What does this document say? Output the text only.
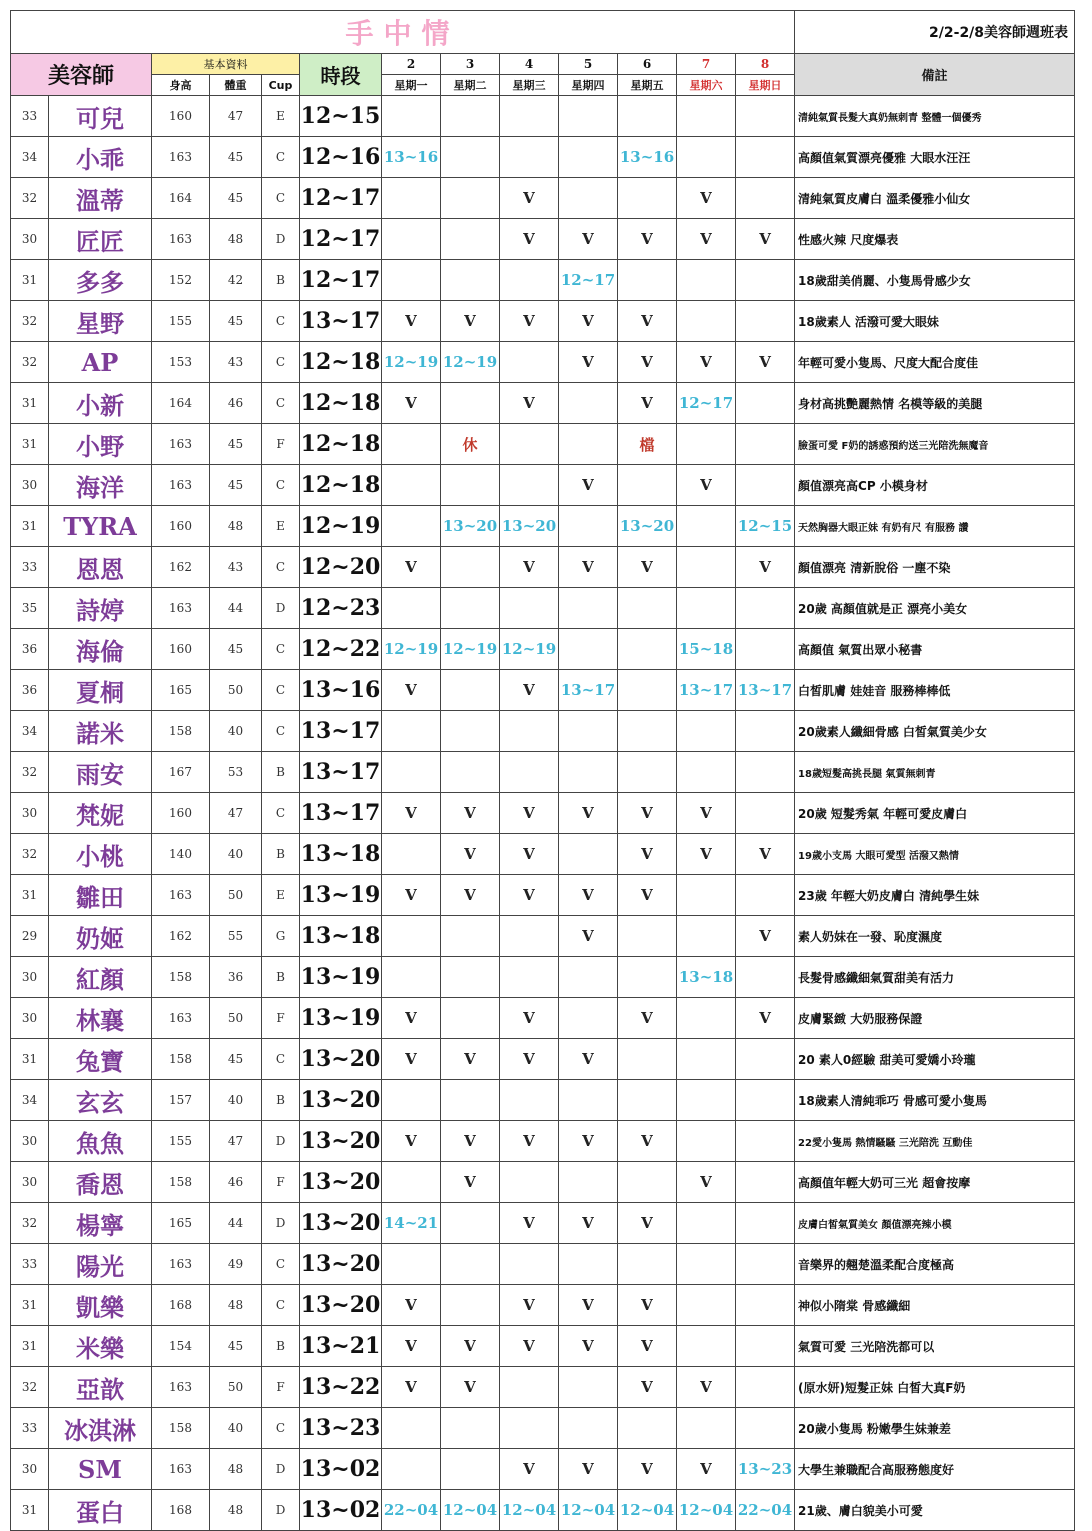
手中情													2/2-2/8美容師週班表
美容師		基本資料			時段	2	3	4	5	6	7	8	備註
		身高	體重	Cup		星期一	星期二	星期三	星期四	星期五	星期六	星期日	
33	可兒	160	47	E	12~15								清純氣質長髮大真奶無刺青 整體一個優秀
34	小乖	163	45	C	12~16	13~16				13~16			高顏值氣質漂亮優雅 大眼水汪汪
32	溫蒂	164	45	C	12~17			V			V		清純氣質皮膚白 溫柔優雅小仙女
30	匠匠	163	48	D	12~17			V	V	V	V	V	性感火辣 尺度爆表
31	多多	152	42	B	12~17				12~17				18歲甜美俏麗、小隻馬骨感少女
32	星野	155	45	C	13~17	V	V	V	V	V			18歲素人 活潑可愛大眼妹
32	AP	153	43	C	12~18	12~19	12~19		V	V	V	V	年輕可愛小隻馬、尺度大配合度佳
31	小新	164	46	C	12~18	V		V		V	12~17		身材高挑艷麗熱情 名模等級的美腿
31	小野	163	45	F	12~18		休			檔			臉蛋可愛 F奶的誘惑預約送三光陪洗無魔音
30	海洋	163	45	C	12~18				V		V		顏值漂亮高CP 小模身材
31	TYRA	160	48	E	12~19		13~20	13~20		13~20		12~15	天然胸器大眼正妹 有奶有尺 有服務 讚
33	恩恩	162	43	C	12~20	V		V	V	V		V	顏值漂亮 清新脫俗 一塵不染
35	詩婷	163	44	D	12~23								20歲 高顏值就是正 漂亮小美女
36	海倫	160	45	C	12~22	12~19	12~19	12~19			15~18		高顏值 氣質出眾小秘書
36	夏桐	165	50	C	13~16	V		V	13~17		13~17	13~17	白皙肌膚 娃娃音 服務棒棒低
34	諾米	158	40	C	13~17								20歲素人纖細骨感 白皙氣質美少女
32	雨安	167	53	B	13~17								18歲短髮高挑長腿 氣質無刺青
30	梵妮	160	47	C	13~17	V	V	V	V	V	V		20歲 短髮秀氣 年輕可愛皮膚白
32	小桃	140	40	B	13~18		V	V		V	V	V	19歲小支馬 大眼可愛型 活潑又熱情
31	雛田	163	50	E	13~19	V	V	V	V	V			23歲 年輕大奶皮膚白 清純學生妹
29	奶姬	162	55	G	13~18				V			V	素人奶妹在一發、恥度濕度
30	紅顏	158	36	B	13~19						13~18		長髮骨感纖細氣質甜美有活力
30	林襄	163	50	F	13~19	V		V		V		V	皮膚緊緻 大奶服務保證
31	兔寶	158	45	C	13~20	V	V	V	V				20 素人0經驗 甜美可愛嬌小玲瓏
34	玄玄	157	40	B	13~20								18歲素人清純乖巧 骨感可愛小隻馬
30	魚魚	155	47	D	13~20	V	V	V	V	V			22愛小隻馬 熱情騷騷 三光陪洗 互動佳
30	喬恩	158	46	F	13~20		V				V		高顏值年輕大奶可三光 超會按摩
32	楊寧	165	44	D	13~20	14~21		V	V	V			皮膚白皙氣質美女 顏值漂亮辣小模
33	陽光	163	49	C	13~20								音樂界的翹楚溫柔配合度極高
31	凱樂	168	48	C	13~20	V		V	V	V			神似小隋棠 骨感纖細
31	米樂	154	45	B	13~21	V	V	V	V	V			氣質可愛 三光陪洗都可以
32	亞歆	163	50	F	13~22	V	V			V	V		(原水妍)短髮正妹 白皙大真F奶
33	冰淇淋	158	40	C	13~23								20歲小隻馬 粉嫩學生妹兼差
30	SM	163	48	D	13~02			V	V	V	V	13~23	大學生兼職配合高服務態度好
31	蛋白	168	48	D	13~02	22~04	12~04	12~04	12~04	12~04	12~04	22~04	21歲、膚白貌美小可愛
